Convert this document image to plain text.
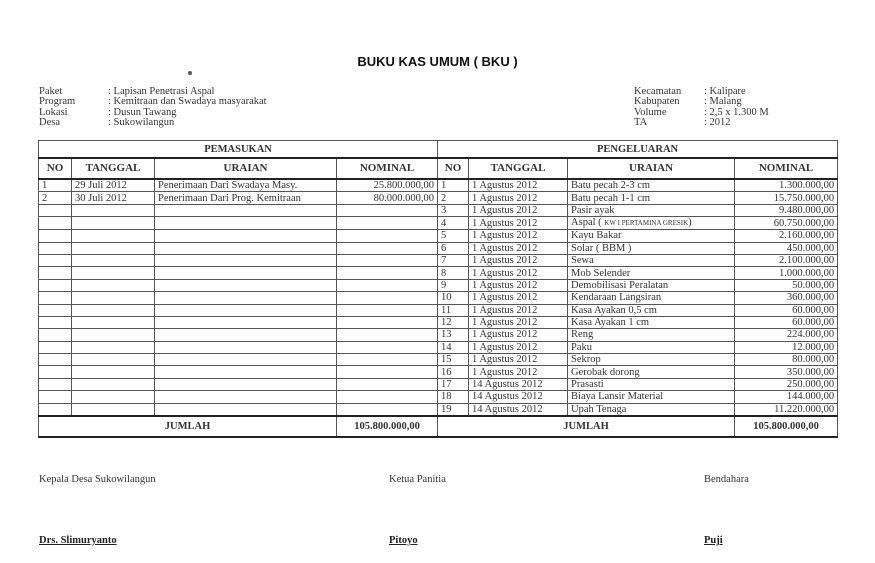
BUKU KAS UMUM ( BKU )
Paket	: Lapisan Penetrasi Aspal
Program	: Kemitraan dan Swadaya masyarakat
Lokasi	: Dusun Tawang
Desa	: Sukowilangun
Kecamatan : Kalipare
Kabupaten : Malang
Volume	: 2,5 x 1.300 M
TA	: 2012
PEMASUKAN				PENGELUARAN			
NO	TANGGAL	URAIAN	NOMINAL		NO	TANGGAL	URAIAN	NOMINAL
1	29 Juli 2012	Penerimaan Dari Swadaya Masy.	25.800.000,00		1	1 Agustus 2012	Batu pecah 2-3 cm	1.300.000,00
2	30 Juli 2012	Penerimaan Dari Prog. Kemitraan	80.000.000,00		2	1 Agustus 2012	Batu pecah 1-1 cm	15.750.000,00
					3	1 Agustus 2012	Pasir ayak	9.480.000,00
					4	1 Agustus 2012	Aspal ( KW I PERTAMINA GRESIK)	60.750.000,00
					5	1 Agustus 2012	Kayu Bakar	2.160.000,00
					6	1 Agustus 2012	Solar ( BBM )	450.000,00
					7	1 Agustus 2012	Sewa	2.100.000,00
					8	1 Agustus 2012	Mob Selender	1.000.000,00
					9	1 Agustus 2012	Demobilisasi Peralatan	50.000,00
					10	1 Agustus 2012	Kendaraan Langsiran	360.000,00
					11	1 Agustus 2012	Kasa Ayakan 0,5 cm	60.000,00
					12	1 Agustus 2012	Kasa Ayakan 1 cm	60.000,00
					13	1 Agustus 2012	Reng	224.000,00
					14	1 Agustus 2012	Paku	12.000,00
					15	1 Agustus 2012	Sekrop	80.000,00
					16	1 Agustus 2012	Gerobak dorong	350.000,00
					17	14 Agustus 2012	Prasasti	250.000,00
					18	14 Agustus 2012	Biaya Lansir Material	144.000,00
					19	14 Agustus 2012	Upah Tenaga	11.220.000,00
JUMLAH			105.800.000,00		JUMLAH			105.800.000,00
Kepala Desa Sukowilangun	Ketua Panitia	Bendahara
Drs. Slimuryanto	Pitoyo	Puji
